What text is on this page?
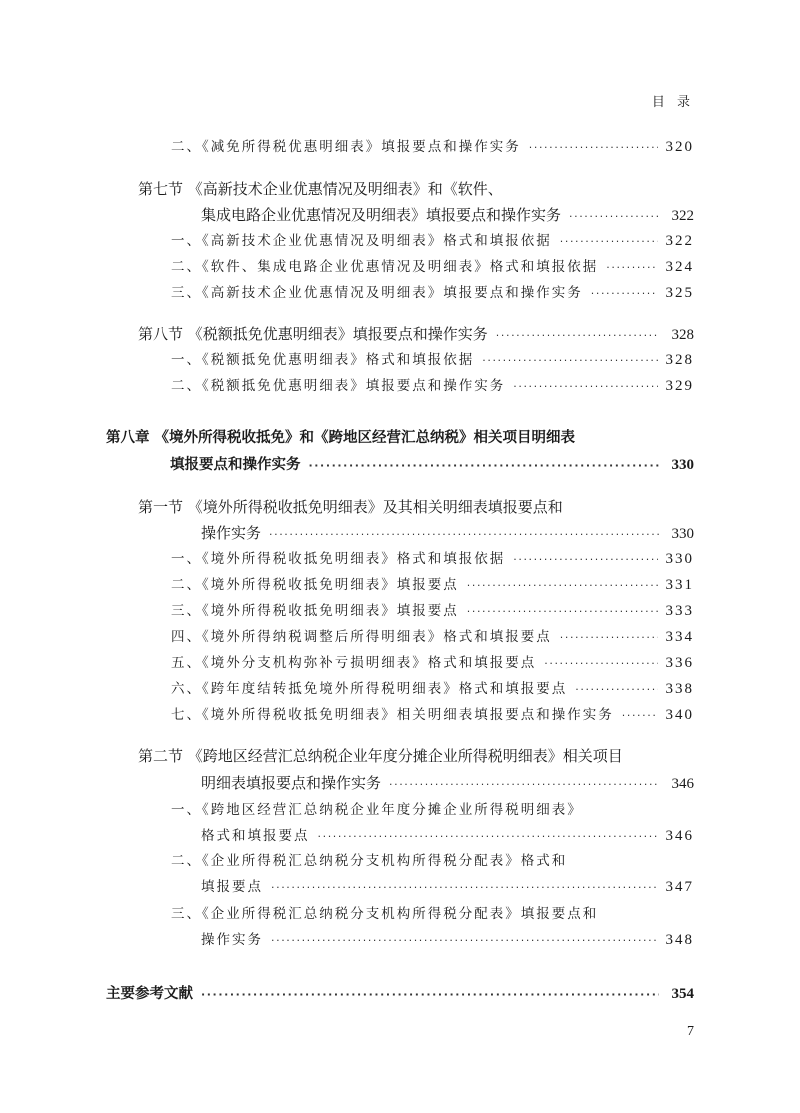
目 录
二、《减免所得税优惠明细表》填报要点和操作实务 ·····	320
第七节 《高新技术企业优惠情况及明细表》和《软件、
集成电路企业优惠情况及明细表》填报要点和操作实务 ·····	322
一、《高新技术企业优惠情况及明细表》格式和填报依据 ·····	322
二、《软件、集成电路企业优惠情况及明细表》格式和填报依据 ·····	324
三、《高新技术企业优惠情况及明细表》填报要点和操作实务 ·····	325
第八节 《税额抵免优惠明细表》填报要点和操作实务 ·····	328
一、《税额抵免优惠明细表》格式和填报依据 ·····	328
二、《税额抵免优惠明细表》填报要点和操作实务 ·····	329
第八章 《境外所得税收抵免》和《跨地区经营汇总纳税》相关项目明细表
填报要点和操作实务 ·····	330
第一节 《境外所得税收抵免明细表》及其相关明细表填报要点和
操作实务 ·····	330
一、《境外所得税收抵免明细表》格式和填报依据 ·····	330
二、《境外所得税收抵免明细表》填报要点 ·····	331
三、《境外所得税收抵免明细表》填报要点 ·····	333
四、《境外所得纳税调整后所得明细表》格式和填报要点 ·····	334
五、《境外分支机构弥补亏损明细表》格式和填报要点 ·····	336
六、《跨年度结转抵免境外所得税明细表》格式和填报要点 ·····	338
七、《境外所得税收抵免明细表》相关明细表填报要点和操作实务 ·····	340
第二节 《跨地区经营汇总纳税企业年度分摊企业所得税明细表》相关项目
明细表填报要点和操作实务 ·····	346
一、《跨地区经营汇总纳税企业年度分摊企业所得税明细表》
格式和填报要点 ·····	346
二、《企业所得税汇总纳税分支机构所得税分配表》格式和
填报要点 ·····	347
三、《企业所得税汇总纳税分支机构所得税分配表》填报要点和
操作实务 ·····	348
主要参考文献 ·····	354
7
